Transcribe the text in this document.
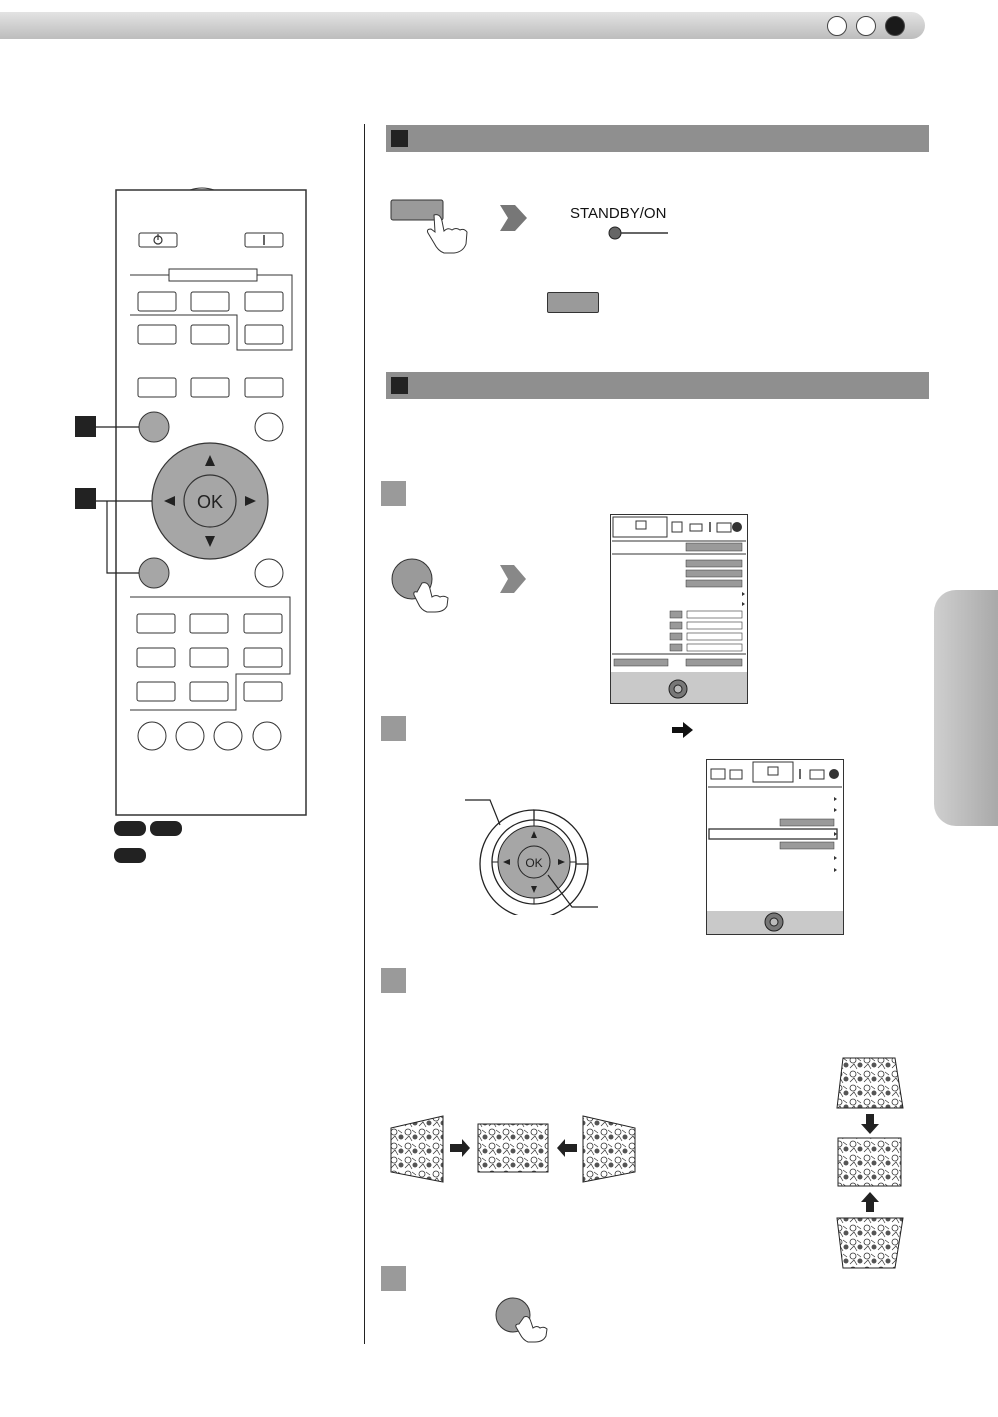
OK
STANDBY/ON
OK
